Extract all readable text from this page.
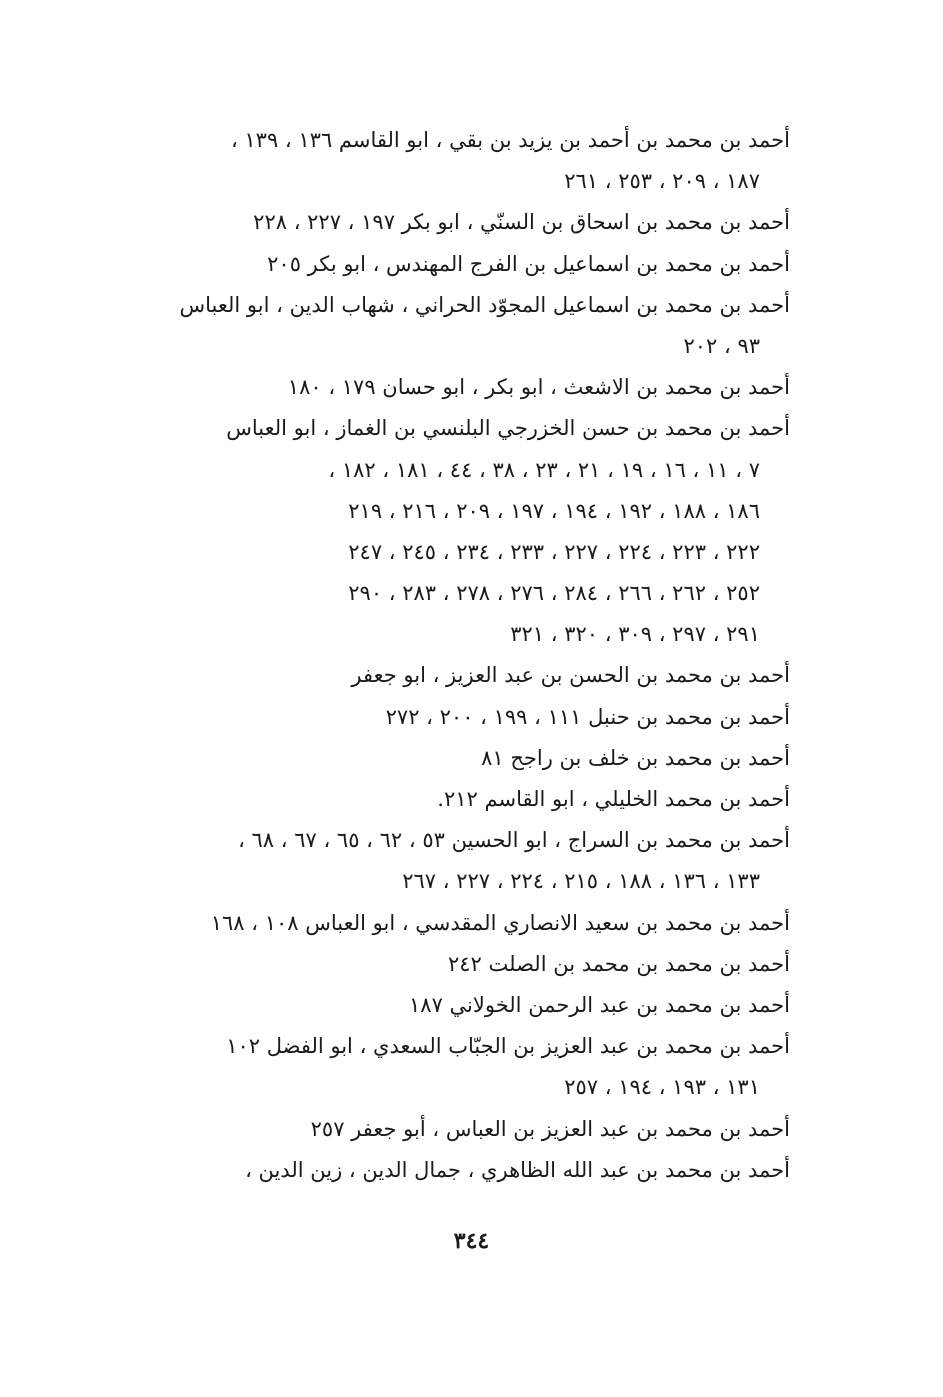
أحمد بن محمد بن أحمد بن يزيد بن بقي ، ابو القاسم ١٣٦ ، ١٣٩ ،
١٨٧ ، ٢٠٩ ، ٢٥٣ ، ٢٦١
أحمد بن محمد بن اسحاق بن السنّي ، ابو بكر ١٩٧ ، ٢٢٧ ، ٢٢٨
أحمد بن محمد بن اسماعيل بن الفرج المهندس ، ابو بكر ٢٠٥
أحمد بن محمد بن اسماعيل المجوّد الحراني ، شهاب الدين ، ابو العباس
٩٣ ، ٢٠٢
أحمد بن محمد بن الاشعث ، ابو بكر ، ابو حسان ١٧٩ ، ١٨٠
أحمد بن محمد بن حسن الخزرجي البلنسي بن الغماز ، ابو العباس
٧ ، ١١ ، ١٦ ، ١٩ ، ٢١ ، ٢٣ ، ٣٨ ، ٤٤ ، ١٨١ ، ١٨٢ ،
١٨٦ ، ١٨٨ ، ١٩٢ ، ١٩٤ ، ١٩٧ ، ٢٠٩ ، ٢١٦ ، ٢١٩
٢٢٢ ، ٢٢٣ ، ٢٢٤ ، ٢٢٧ ، ٢٣٣ ، ٢٣٤ ، ٢٤٥ ، ٢٤٧
٢٥٢ ، ٢٦٢ ، ٢٦٦ ، ٢٨٤ ، ٢٧٦ ، ٢٧٨ ، ٢٨٣ ، ٢٩٠
٢٩١ ، ٢٩٧ ، ٣٠٩ ، ٣٢٠ ، ٣٢١
أحمد بن محمد بن الحسن بن عبد العزيز ، ابو جعفر
أحمد بن محمد بن حنبل ١١١ ، ١٩٩ ، ٢٠٠ ، ٢٧٢
أحمد بن محمد بن خلف بن راجح ٨١
أحمد بن محمد الخليلي ، ابو القاسم ٢١٢.
أحمد بن محمد بن السراج ، ابو الحسين ٥٣ ، ٦٢ ، ٦٥ ، ٦٧ ، ٦٨ ،
١٣٣ ، ١٣٦ ، ١٨٨ ، ٢١٥ ، ٢٢٤ ، ٢٢٧ ، ٢٦٧
أحمد بن محمد بن سعيد الانصاري المقدسي ، ابو العباس ١٠٨ ، ١٦٨
أحمد بن محمد بن محمد بن الصلت ٢٤٢
أحمد بن محمد بن عبد الرحمن الخولاني ١٨٧
أحمد بن محمد بن عبد العزيز بن الجبّاب السعدي ، ابو الفضل ١٠٢
١٣١ ، ١٩٣ ، ١٩٤ ، ٢٥٧
أحمد بن محمد بن عبد العزيز بن العباس ، أبو جعفر ٢٥٧
أحمد بن محمد بن عبد الله الظاهري ، جمال الدين ، زين الدين ،
٣٤٤
